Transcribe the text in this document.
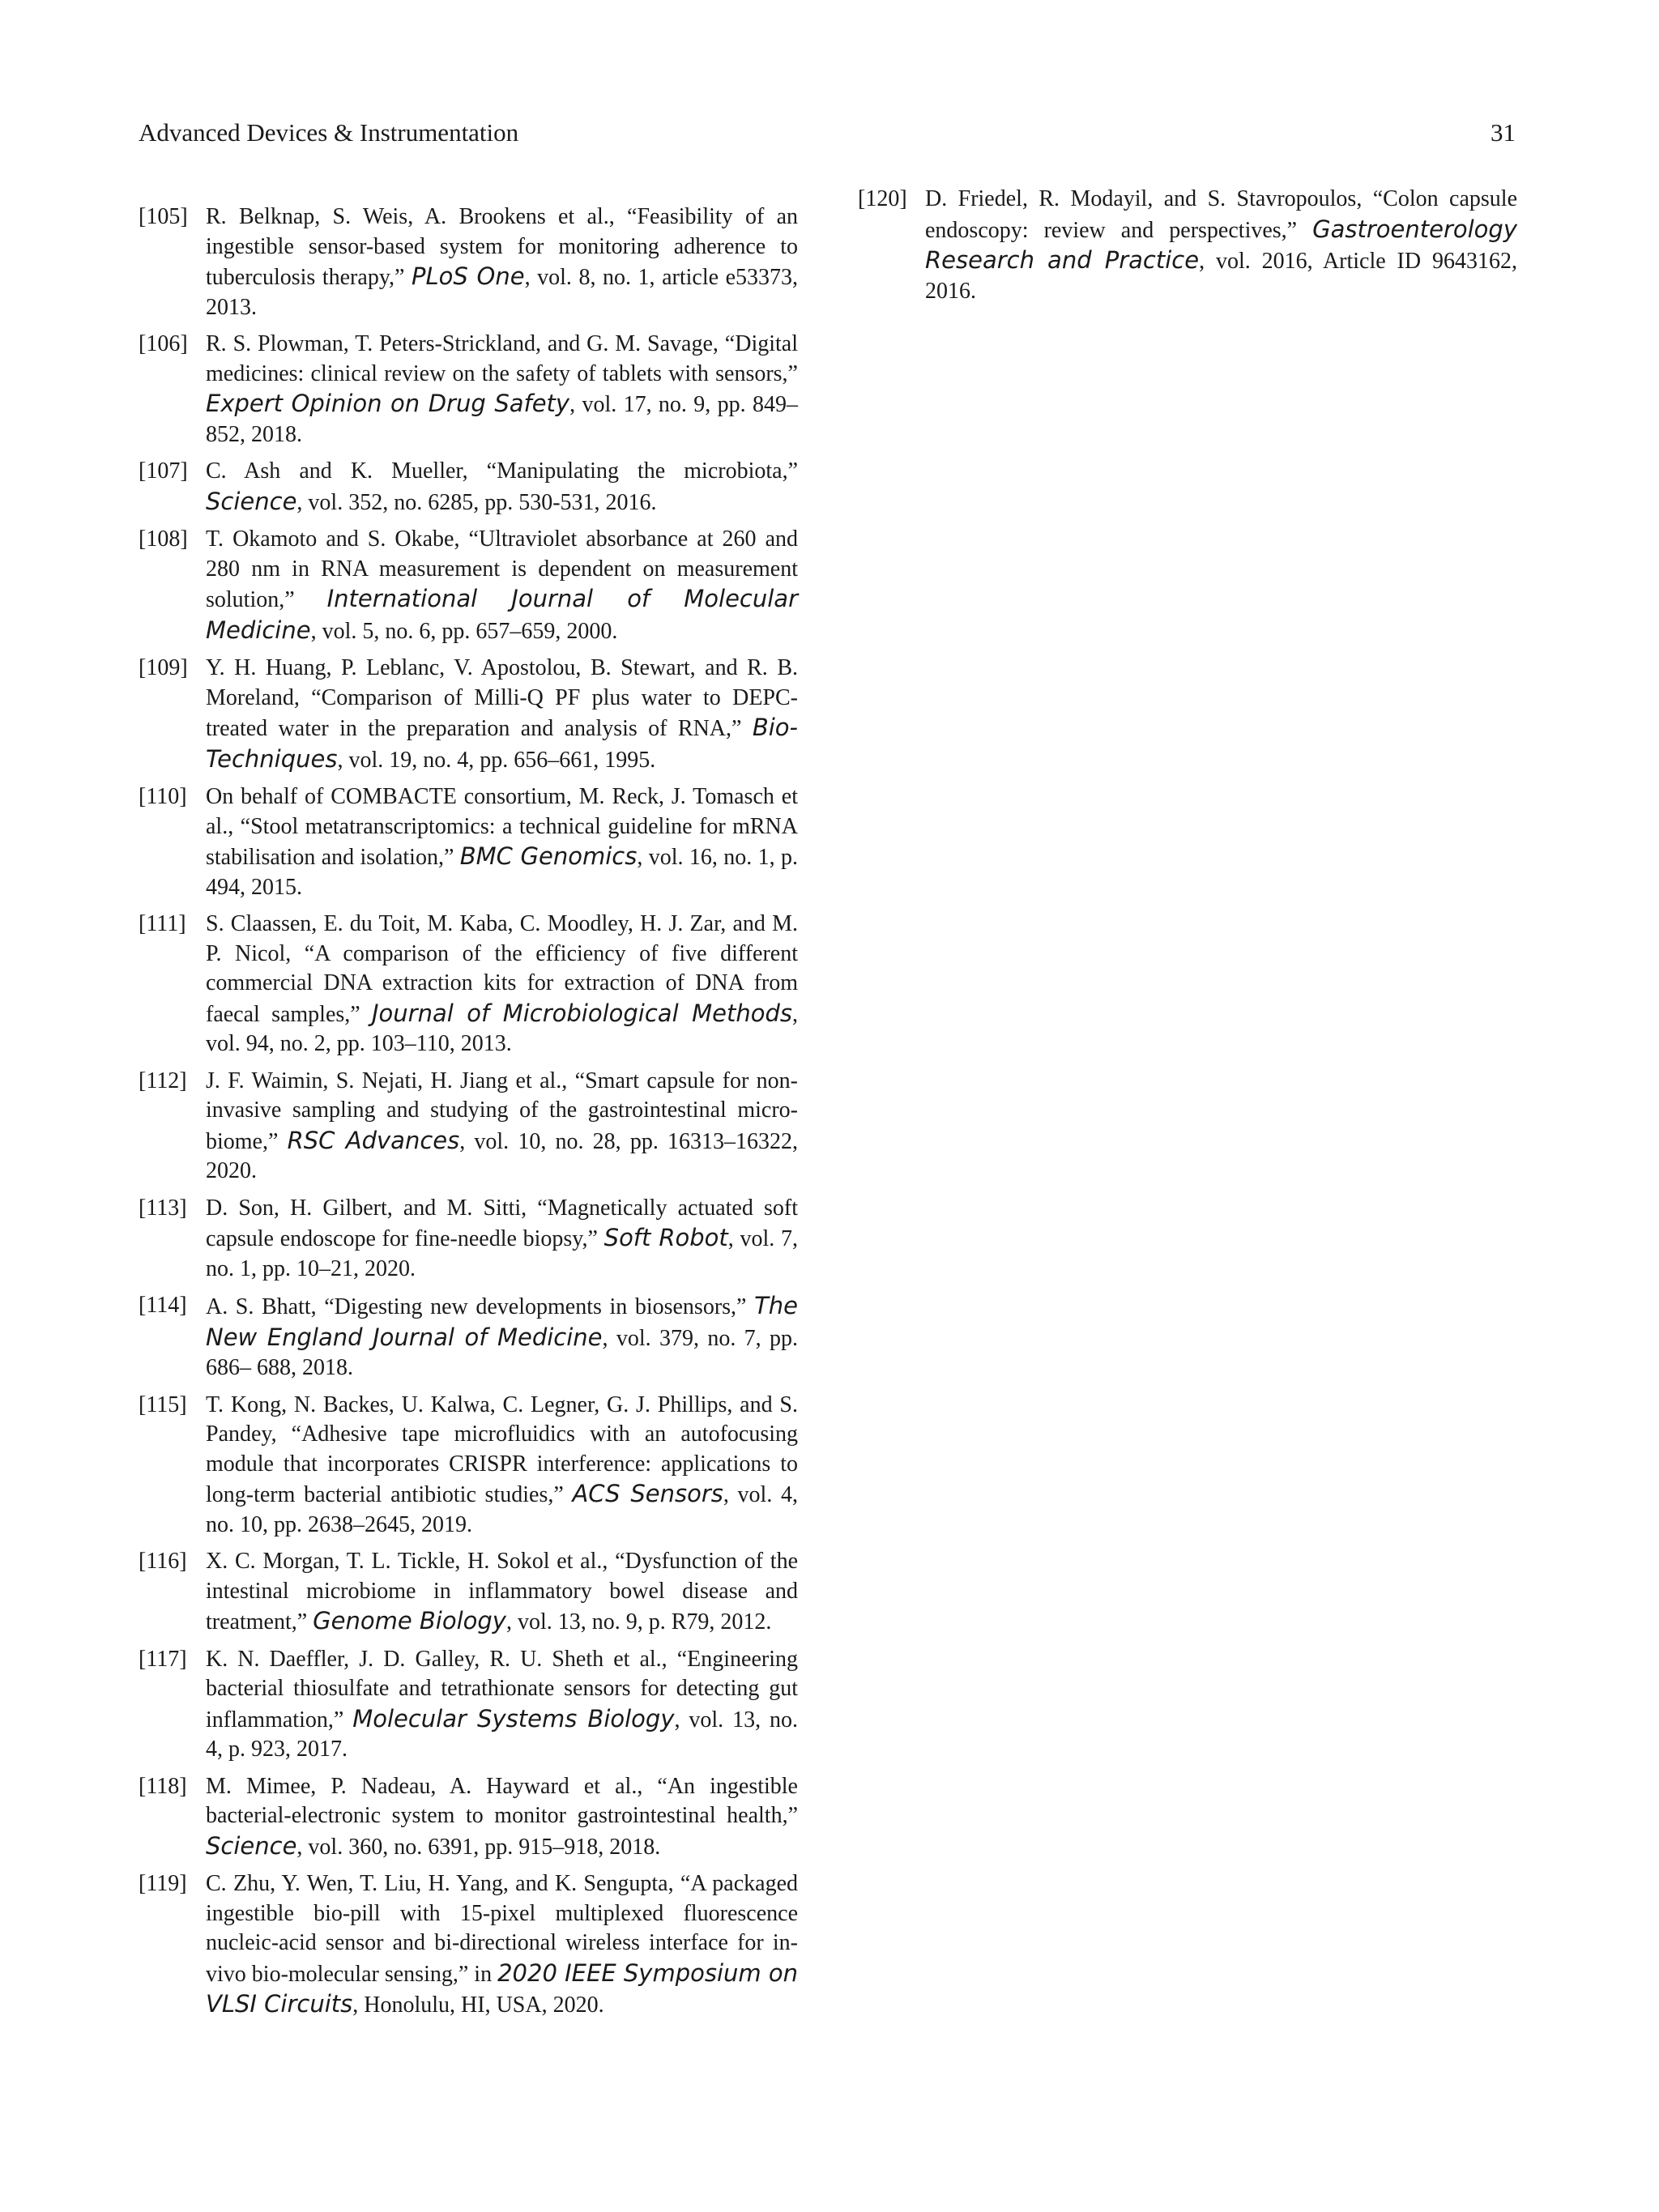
Advanced Devices & Instrumentation	31
[105] R. Belknap, S. Weis, A. Brookens et al., “Feasibility of an ingestible sensor-based system for monitoring adherence to tuberculosis therapy,” PLoS One, vol. 8, no. 1, article e53373, 2013.
[106] R. S. Plowman, T. Peters-Strickland, and G. M. Savage, “Digital medicines: clinical review on the safety of tablets with sensors,” Expert Opinion on Drug Safety, vol. 17, no. 9, pp. 849–852, 2018.
[107] C. Ash and K. Mueller, “Manipulating the microbiota,” Science, vol. 352, no. 6285, pp. 530-531, 2016.
[108] T. Okamoto and S. Okabe, “Ultraviolet absorbance at 260 and 280 nm in RNA measurement is dependent on measurement solution,” International Journal of Molecular Medicine, vol. 5, no. 6, pp. 657–659, 2000.
[109] Y. H. Huang, P. Leblanc, V. Apostolou, B. Stewart, and R. B. Moreland, “Comparison of Milli-Q PF plus water to DEPC- treated water in the preparation and analysis of RNA,” Bio- Techniques, vol. 19, no. 4, pp. 656–661, 1995.
[110] On behalf of COMBACTE consortium, M. Reck, J. Tomasch et al., “Stool metatranscriptomics: a technical guideline for mRNA stabilisation and isolation,” BMC Genomics, vol. 16, no. 1, p. 494, 2015.
[111] S. Claassen, E. du Toit, M. Kaba, C. Moodley, H. J. Zar, and M. P. Nicol, “A comparison of the efficiency of five different commercial DNA extraction kits for extraction of DNA from faecal samples,” Journal of Microbiological Methods, vol. 94, no. 2, pp. 103–110, 2013.
[112] J. F. Waimin, S. Nejati, H. Jiang et al., “Smart capsule for non- invasive sampling and studying of the gastrointestinal micro- biome,” RSC Advances, vol. 10, no. 28, pp. 16313–16322, 2020.
[113] D. Son, H. Gilbert, and M. Sitti, “Magnetically actuated soft capsule endoscope for fine-needle biopsy,” Soft Robot, vol. 7, no. 1, pp. 10–21, 2020.
[114] A. S. Bhatt, “Digesting new developments in biosensors,” The New England Journal of Medicine, vol. 379, no. 7, pp. 686– 688, 2018.
[115] T. Kong, N. Backes, U. Kalwa, C. Legner, G. J. Phillips, and S. Pandey, “Adhesive tape microfluidics with an autofocusing module that incorporates CRISPR interference: applications to long-term bacterial antibiotic studies,” ACS Sensors, vol. 4, no. 10, pp. 2638–2645, 2019.
[116] X. C. Morgan, T. L. Tickle, H. Sokol et al., “Dysfunction of the intestinal microbiome in inflammatory bowel disease and treatment,” Genome Biology, vol. 13, no. 9, p. R79, 2012.
[117] K. N. Daeffler, J. D. Galley, R. U. Sheth et al., “Engineering bacterial thiosulfate and tetrathionate sensors for detecting gut inflammation,” Molecular Systems Biology, vol. 13, no. 4, p. 923, 2017.
[118] M. Mimee, P. Nadeau, A. Hayward et al., “An ingestible bacterial-electronic system to monitor gastrointestinal health,” Science, vol. 360, no. 6391, pp. 915–918, 2018.
[119] C. Zhu, Y. Wen, T. Liu, H. Yang, and K. Sengupta, “A packaged ingestible bio-pill with 15-pixel multiplexed fluorescence nucleic-acid sensor and bi-directional wireless interface for in-vivo bio-molecular sensing,” in 2020 IEEE Symposium on VLSI Circuits, Honolulu, HI, USA, 2020.
[120] D. Friedel, R. Modayil, and S. Stavropoulos, “Colon capsule endoscopy: review and perspectives,” Gastroenterology Research and Practice, vol. 2016, Article ID 9643162, 2016.
